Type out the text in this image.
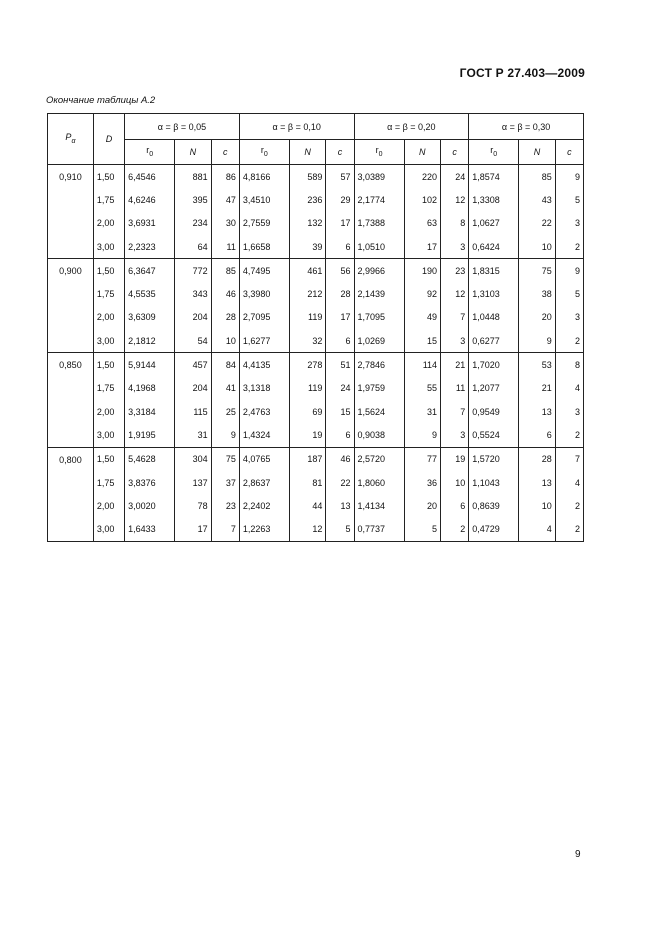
ГОСТ Р 27.403—2009
Окончание таблицы А.2
$P_\alpha$	D	α = β = 0,05			α = β = 0,10			α = β = 0,20			α = β = 0,30		
		$r_0$	N	c	$r_0$	N	c	$r_0$	N	c	$r_0$	N	c
0,910	1,50	6,4546	881	86	4,8166	589	57	3,0389	220	24	1,8574	85	9
	1,75	4,6246	395	47	3,4510	236	29	2,1774	102	12	1,3308	43	5
	2,00	3,6931	234	30	2,7559	132	17	1,7388	63	8	1,0627	22	3
	3,00	2,2323	64	11	1,6658	39	6	1,0510	17	3	0,6424	10	2
0,900	1,50	6,3647	772	85	4,7495	461	56	2,9966	190	23	1,8315	75	9
	1,75	4,5535	343	46	3,3980	212	28	2,1439	92	12	1,3103	38	5
	2,00	3,6309	204	28	2,7095	119	17	1,7095	49	7	1,0448	20	3
	3,00	2,1812	54	10	1,6277	32	6	1,0269	15	3	0,6277	9	2
0,850	1,50	5,9144	457	84	4,4135	278	51	2,7846	114	21	1,7020	53	8
	1,75	4,1968	204	41	3,1318	119	24	1,9759	55	11	1,2077	21	4
	2,00	3,3184	115	25	2,4763	69	15	1,5624	31	7	0,9549	13	3
	3,00	1,9195	31	9	1,4324	19	6	0,9038	9	3	0,5524	6	2
0,800	1,50	5,4628	304	75	4,0765	187	46	2,5720	77	19	1,5720	28	7
	1,75	3,8376	137	37	2,8637	81	22	1,8060	36	10	1,1043	13	4
	2,00	3,0020	78	23	2,2402	44	13	1,4134	20	6	0,8639	10	2
	3,00	1,6433	17	7	1,2263	12	5	0,7737	5	2	0,4729	4	2
9
